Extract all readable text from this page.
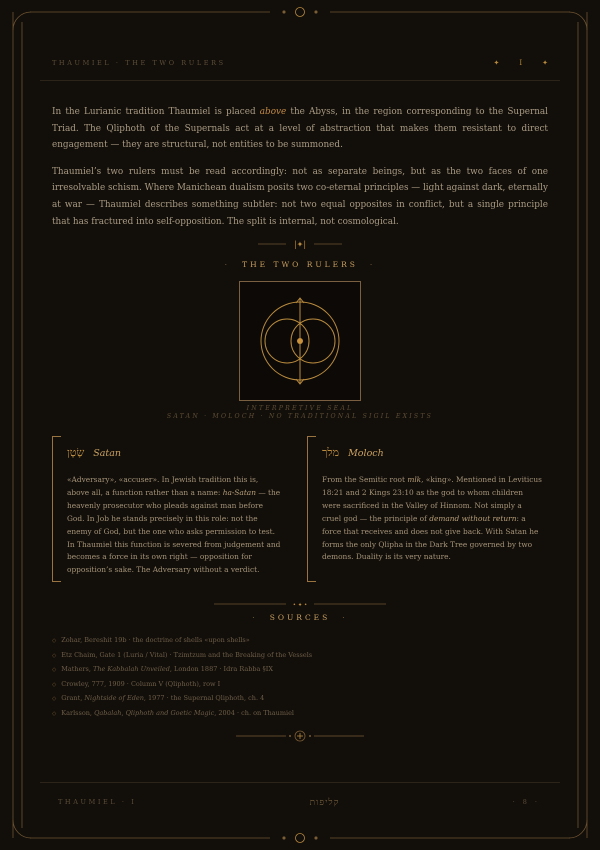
THAUMIEL · THE TWO RULERS	✦	I	✦

In the Lurianic tradition Thaumiel is placed above the Abyss, in the region corresponding to the Supernal Triad. The Qliphoth of the Supernals act at a level of abstraction that makes them resistant to direct engagement — they are structural, not entities to be summoned.

Thaumiel’s two rulers must be read accordingly: not as separate beings, but as the two faces of one irresolvable schism. Where Manichean dualism posits two co-eternal principles — light against dark, eternally at war — Thaumiel describes something subtler: not two equal opposites in conflict, but a single principle that has fractured into self-opposition. The split is internal, not cosmological.

|✦|
· THE TWO RULERS ·
INTERPRETIVE SEAL
SATAN · MOLOCH · NO TRADITIONAL SIGIL EXISTS
שָׂטָן Satan
«Adversary», «accuser». In Jewish tradition this is, above all, a function rather than a name: ha-Satan — the heavenly prosecutor who pleads against man before God. In Job he stands precisely in this role: not the enemy of God, but the one who asks permission to test. In Thaumiel this function is severed from judgement and becomes a force in its own right — opposition for opposition’s sake. The Adversary without a verdict.
מלך Moloch
From the Semitic root mlk, «king». Mentioned in Leviticus 18:21 and 2 Kings 23:10 as the god to whom children were sacrificed in the Valley of Hinnom. Not simply a cruel god — the principle of demand without return: a force that receives and does not give back. With Satan he forms the only Qlipha in the Dark Tree governed by two demons. Duality is its very nature.
• ✦ •
· SOURCES ·
◇ Zohar, Bereshit 19b · the doctrine of shells «upon shells»
◇ Etz Chaim, Gate 1 (Luria / Vital) · Tzimtzum and the Breaking of the Vessels
◇ Mathers, The Kabbalah Unveiled, London 1887 · Idra Rabba §IX
◇ Crowley, 777, 1909 · Column V (Qliphoth), row I
◇ Grant, Nightside of Eden, 1977 · the Supernal Qliphoth, ch. 4
◇ Karlsson, Qabalah, Qliphoth and Goetic Magic, 2004 · ch. on Thaumiel
THAUMIEL · I	קליפות	· 8 ·
